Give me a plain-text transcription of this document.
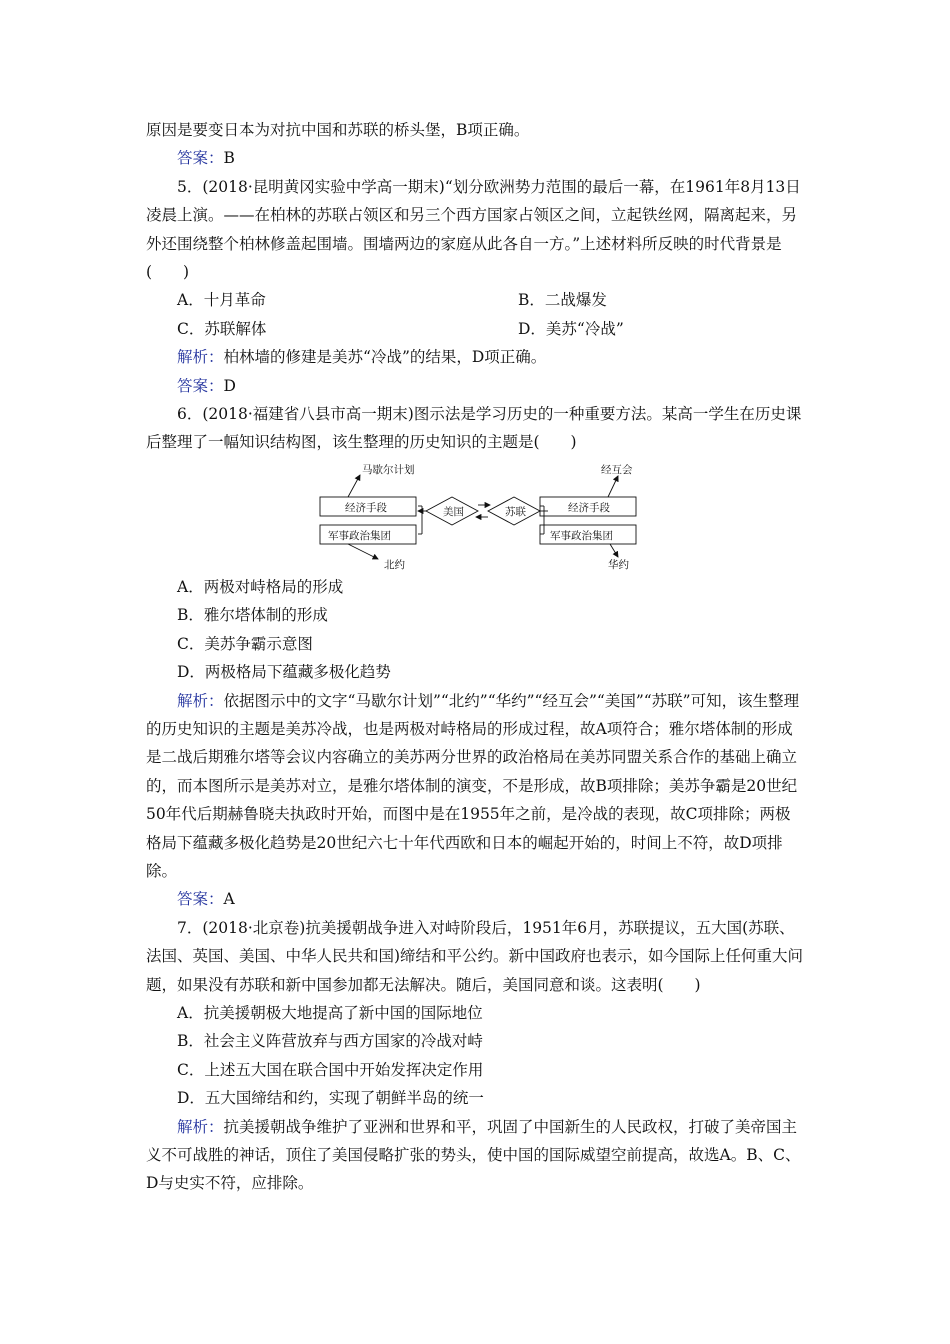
原因是要变日本为对抗中国和苏联的桥头堡，B项正确。

答案：B

5．(2018·昆明黄冈实验中学高一期末)“划分欧洲势力范围的最后一幕，在1961年8月13日凌晨上演。——在柏林的苏联占领区和另三个西方国家占领区之间，立起铁丝网，隔离起来，另外还围绕整个柏林修盖起围墙。围墙两边的家庭从此各自一方。”上述材料所反映的时代背景是(　　)

A．十月革命	B．二战爆发
C．苏联解体	D．美苏“冷战”

解析：柏林墙的修建是美苏“冷战”的结果，D项正确。

答案：D

6．(2018·福建省八县市高一期末)图示法是学习历史的一种重要方法。某高一学生在历史课后整理了一幅知识结构图，该生整理的历史知识的主题是(　　)

马歇尔计划
北约
经互会
华约
经济手段
军事政治集团
经济手段
军事政治集团
美国	苏联

A．两极对峙格局的形成

B．雅尔塔体制的形成

C．美苏争霸示意图

D．两极格局下蕴藏多极化趋势

解析：依据图示中的文字“马歇尔计划”“北约”“华约”“经互会”“美国”“苏联”可知，该生整理的历史知识的主题是美苏冷战，也是两极对峙格局的形成过程，故A项符合；雅尔塔体制的形成是二战后期雅尔塔等会议内容确立的美苏两分世界的政治格局在美苏同盟关系合作的基础上确立的，而本图所示是美苏对立，是雅尔塔体制的演变，不是形成，故B项排除；美苏争霸是20世纪50年代后期赫鲁晓夫执政时开始，而图中是在1955年之前，是冷战的表现，故C项排除；两极格局下蕴藏多极化趋势是20世纪六七十年代西欧和日本的崛起开始的，时间上不符，故D项排除。

答案：A

7．(2018·北京卷)抗美援朝战争进入对峙阶段后，1951年6月，苏联提议，五大国(苏联、法国、英国、美国、中华人民共和国)缔结和平公约。新中国政府也表示，如今国际上任何重大问题，如果没有苏联和新中国参加都无法解决。随后，美国同意和谈。这表明(　　)

A．抗美援朝极大地提高了新中国的国际地位

B．社会主义阵营放弃与西方国家的冷战对峙

C．上述五大国在联合国中开始发挥决定作用

D．五大国缔结和约，实现了朝鲜半岛的统一

解析：抗美援朝战争维护了亚洲和世界和平，巩固了中国新生的人民政权，打破了美帝国主义不可战胜的神话，顶住了美国侵略扩张的势头，使中国的国际威望空前提高，故选A。B、C、D与史实不符，应排除。
